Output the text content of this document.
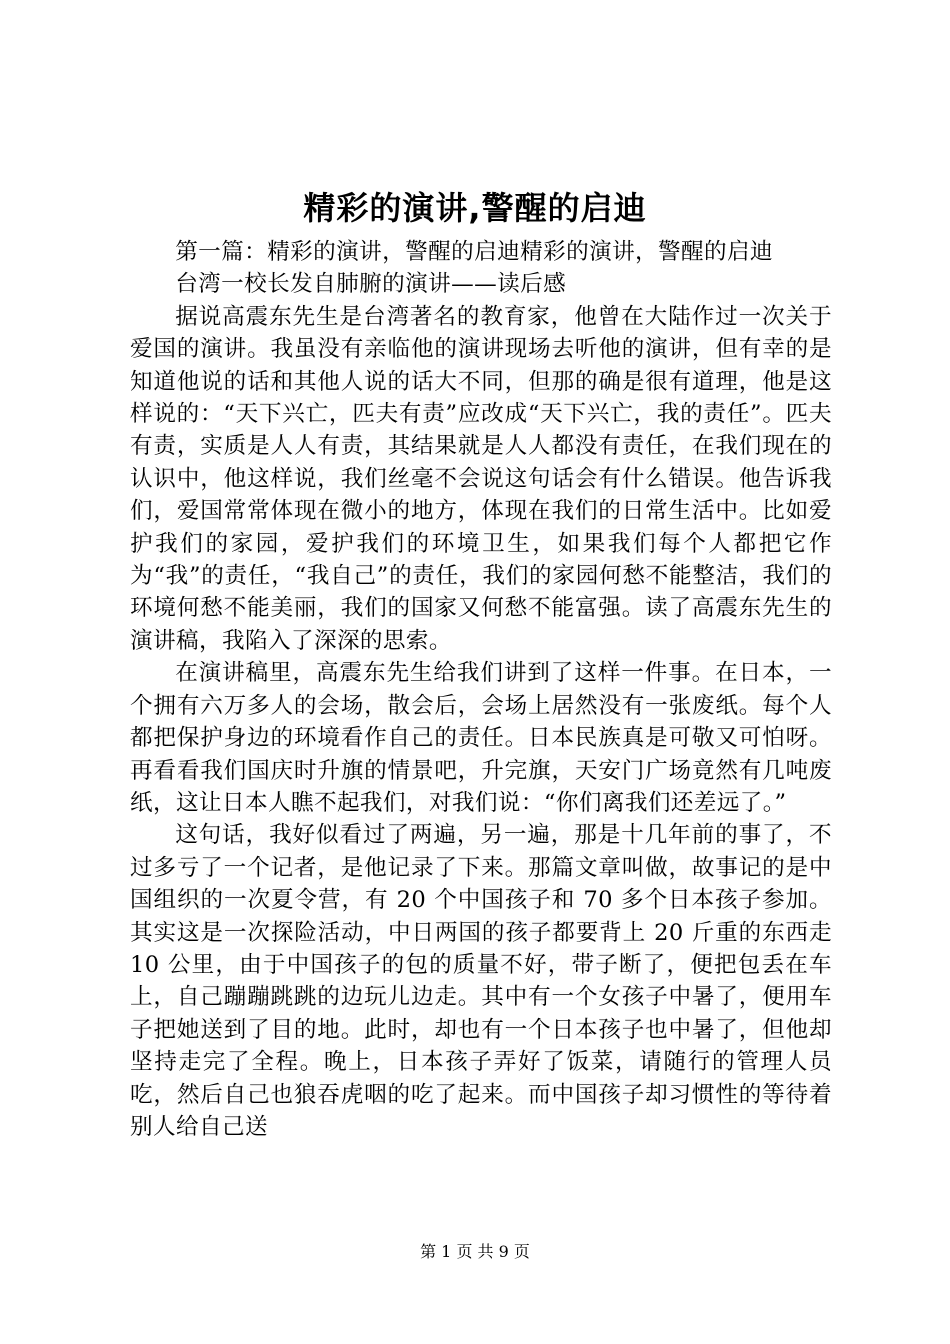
精彩的演讲,警醒的启迪

第一篇：精彩的演讲，警醒的启迪精彩的演讲，警醒的启迪

台湾一校长发自肺腑的演讲——读后感

据说高震东先生是台湾著名的教育家，他曾在大陆作过一次关于爱国的演讲。我虽没有亲临他的演讲现场去听他的演讲，但有幸的是知道他说的话和其他人说的话大不同，但那的确是很有道理，他是这样说的：“天下兴亡，匹夫有责”应改成“天下兴亡，我的责任”。匹夫有责，实质是人人有责，其结果就是人人都没有责任，在我们现在的认识中，他这样说，我们丝毫不会说这句话会有什么错误。他告诉我们，爱国常常体现在微小的地方，体现在我们的日常生活中。比如爱护我们的家园，爱护我们的环境卫生，如果我们每个人都把它作为“我”的责任，“我自己”的责任，我们的家园何愁不能整洁，我们的环境何愁不能美丽，我们的国家又何愁不能富强。读了高震东先生的演讲稿，我陷入了深深的思索。

在演讲稿里，高震东先生给我们讲到了这样一件事。在日本，一个拥有六万多人的会场，散会后，会场上居然没有一张废纸。每个人都把保护身边的环境看作自己的责任。日本民族真是可敬又可怕呀。再看看我们国庆时升旗的情景吧，升完旗，天安门广场竟然有几吨废纸，这让日本人瞧不起我们，对我们说：“你们离我们还差远了。”

这句话，我好似看过了两遍，另一遍，那是十几年前的事了，不过多亏了一个记者，是他记录了下来。那篇文章叫做，故事记的是中国组织的一次夏令营，有 20 个中国孩子和 70 多个日本孩子参加。其实这是一次探险活动，中日两国的孩子都要背上 20 斤重的东西走 10 公里，由于中国孩子的包的质量不好，带子断了，便把包丢在车上，自己蹦蹦跳跳的边玩儿边走。其中有一个女孩子中暑了，便用车子把她送到了目的地。此时，却也有一个日本孩子也中暑了，但他却坚持走完了全程。晚上，日本孩子弄好了饭菜，请随行的管理人员吃，然后自己也狼吞虎咽的吃了起来。而中国孩子却习惯性的等待着别人给自己送

第 1 页 共 9 页
